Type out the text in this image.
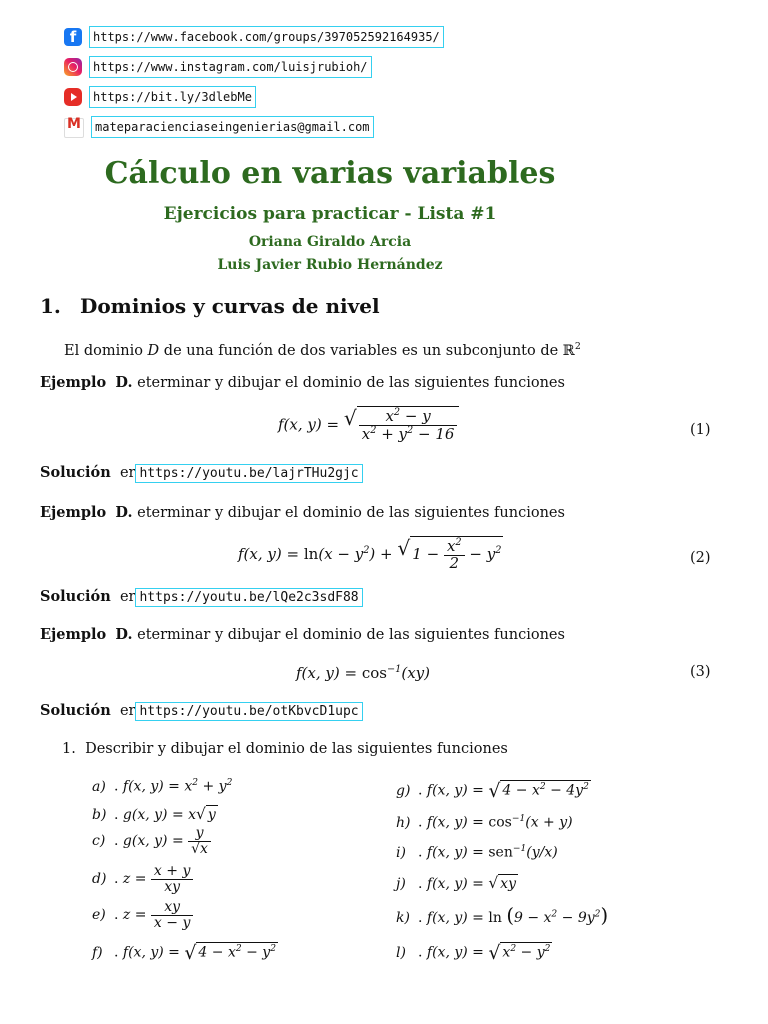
f	https://www.facebook.com/groups/397052592164935/
https://www.instagram.com/luisjrubioh/
https://bit.ly/3dlebMe
M
mateparacienciaseingenierias@gmail.com
Cálculo en varias variables
Ejercicios para practicar - Lista #1
Oriana Giraldo Arcia
Luis Javier Rubio Hernández
1. Dominios y curvas de nivel
El dominio D de una función de dos variables es un subconjunto de ℝ$^2$
Ejemplo D. eterminar y dibujar el dominio de las siguientes funciones
f(x, y) = √ $\frac{x^2 - y}{x^2 + y^2 - 16}$	(1)
Solución er https://youtu.be/lajrTHu2gjc
Ejemplo D. eterminar y dibujar el dominio de las siguientes funciones
f(x, $y) = \ln(x - y^2)$ + √ $1 - \frac{x^2}{2} - y^2$	(2)
Solución er https://youtu.be/lQe2c3sdF88
Ejemplo D. eterminar y dibujar el dominio de las siguientes funciones
f(x, $y) = \cos^{-1}(xy)$	(3)
Solución er https://youtu.be/otKbvcD1upc
1. Describir y dibujar el dominio de las siguientes funciones
a) . f(x, $y) = x^2 + y^2$
b) . g(x, y) = x√ y
c) . g(x, $y) = \frac{y}{√x}$
d) . $z = \frac{x + y}{xy}$
e) . $z = \frac{xy}{x - y}$
f) . f(x, y) = √ $4 - x^2 - y^2$
g) . f(x, y) = √ $4 - x^2 - 4y^2$
h) . f(x, $y) = \cos^{-1}(x + y)$
i) . f(x, y) = sen$^{-1}$(y/x)
j) . f(x, y) = √ xy
k) . f(x, $y) = \ln (9 - x^2 - 9y^2)$
l) . f(x, y) = √ $x^2 - y^2$
